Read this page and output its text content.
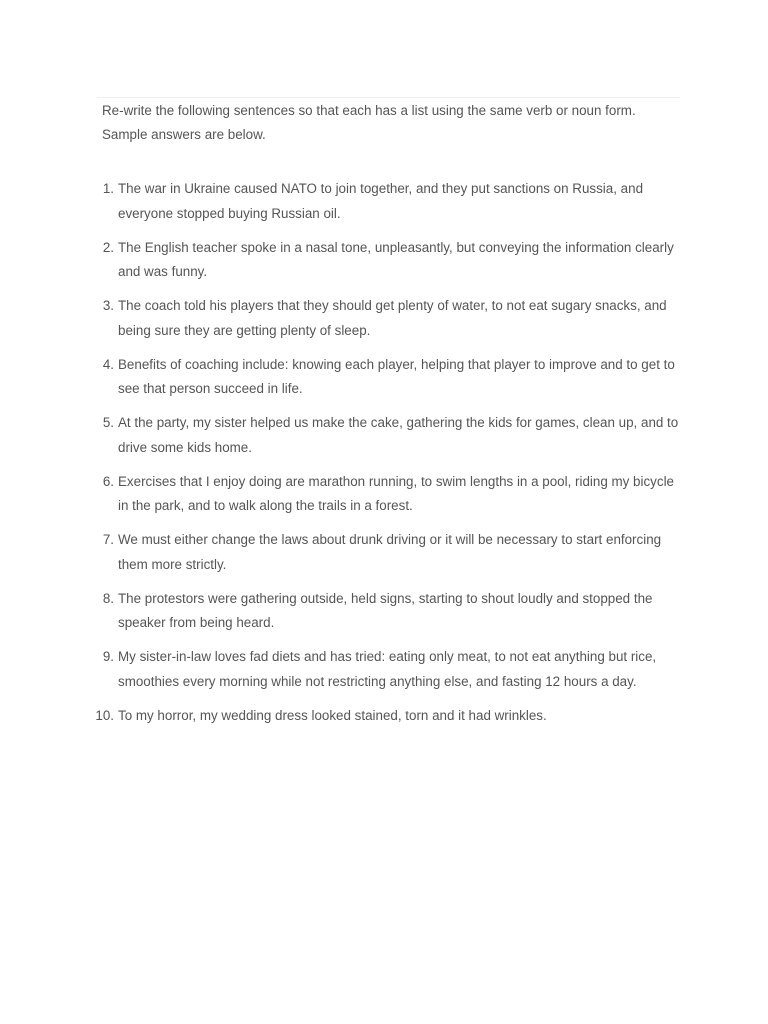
Re-write the following sentences so that each has a list using the same verb or noun form.

Sample answers are below.

1. The war in Ukraine caused NATO to join together, and they put sanctions on Russia, and everyone stopped buying Russian oil.
2. The English teacher spoke in a nasal tone, unpleasantly, but conveying the information clearly and was funny.
3. The coach told his players that they should get plenty of water, to not eat sugary snacks, and being sure they are getting plenty of sleep.
4. Benefits of coaching include: knowing each player, helping that player to improve and to get to see that person succeed in life.
5. At the party, my sister helped us make the cake, gathering the kids for games, clean up, and to drive some kids home.
6. Exercises that I enjoy doing are marathon running, to swim lengths in a pool, riding my bicycle in the park, and to walk along the trails in a forest.
7. We must either change the laws about drunk driving or it will be necessary to start enforcing them more strictly.
8. The protestors were gathering outside, held signs, starting to shout loudly and stopped the speaker from being heard.
9. My sister-in-law loves fad diets and has tried: eating only meat, to not eat anything but rice, smoothies every morning while not restricting anything else, and fasting 12 hours a day.
10. To my horror, my wedding dress looked stained, torn and it had wrinkles.
